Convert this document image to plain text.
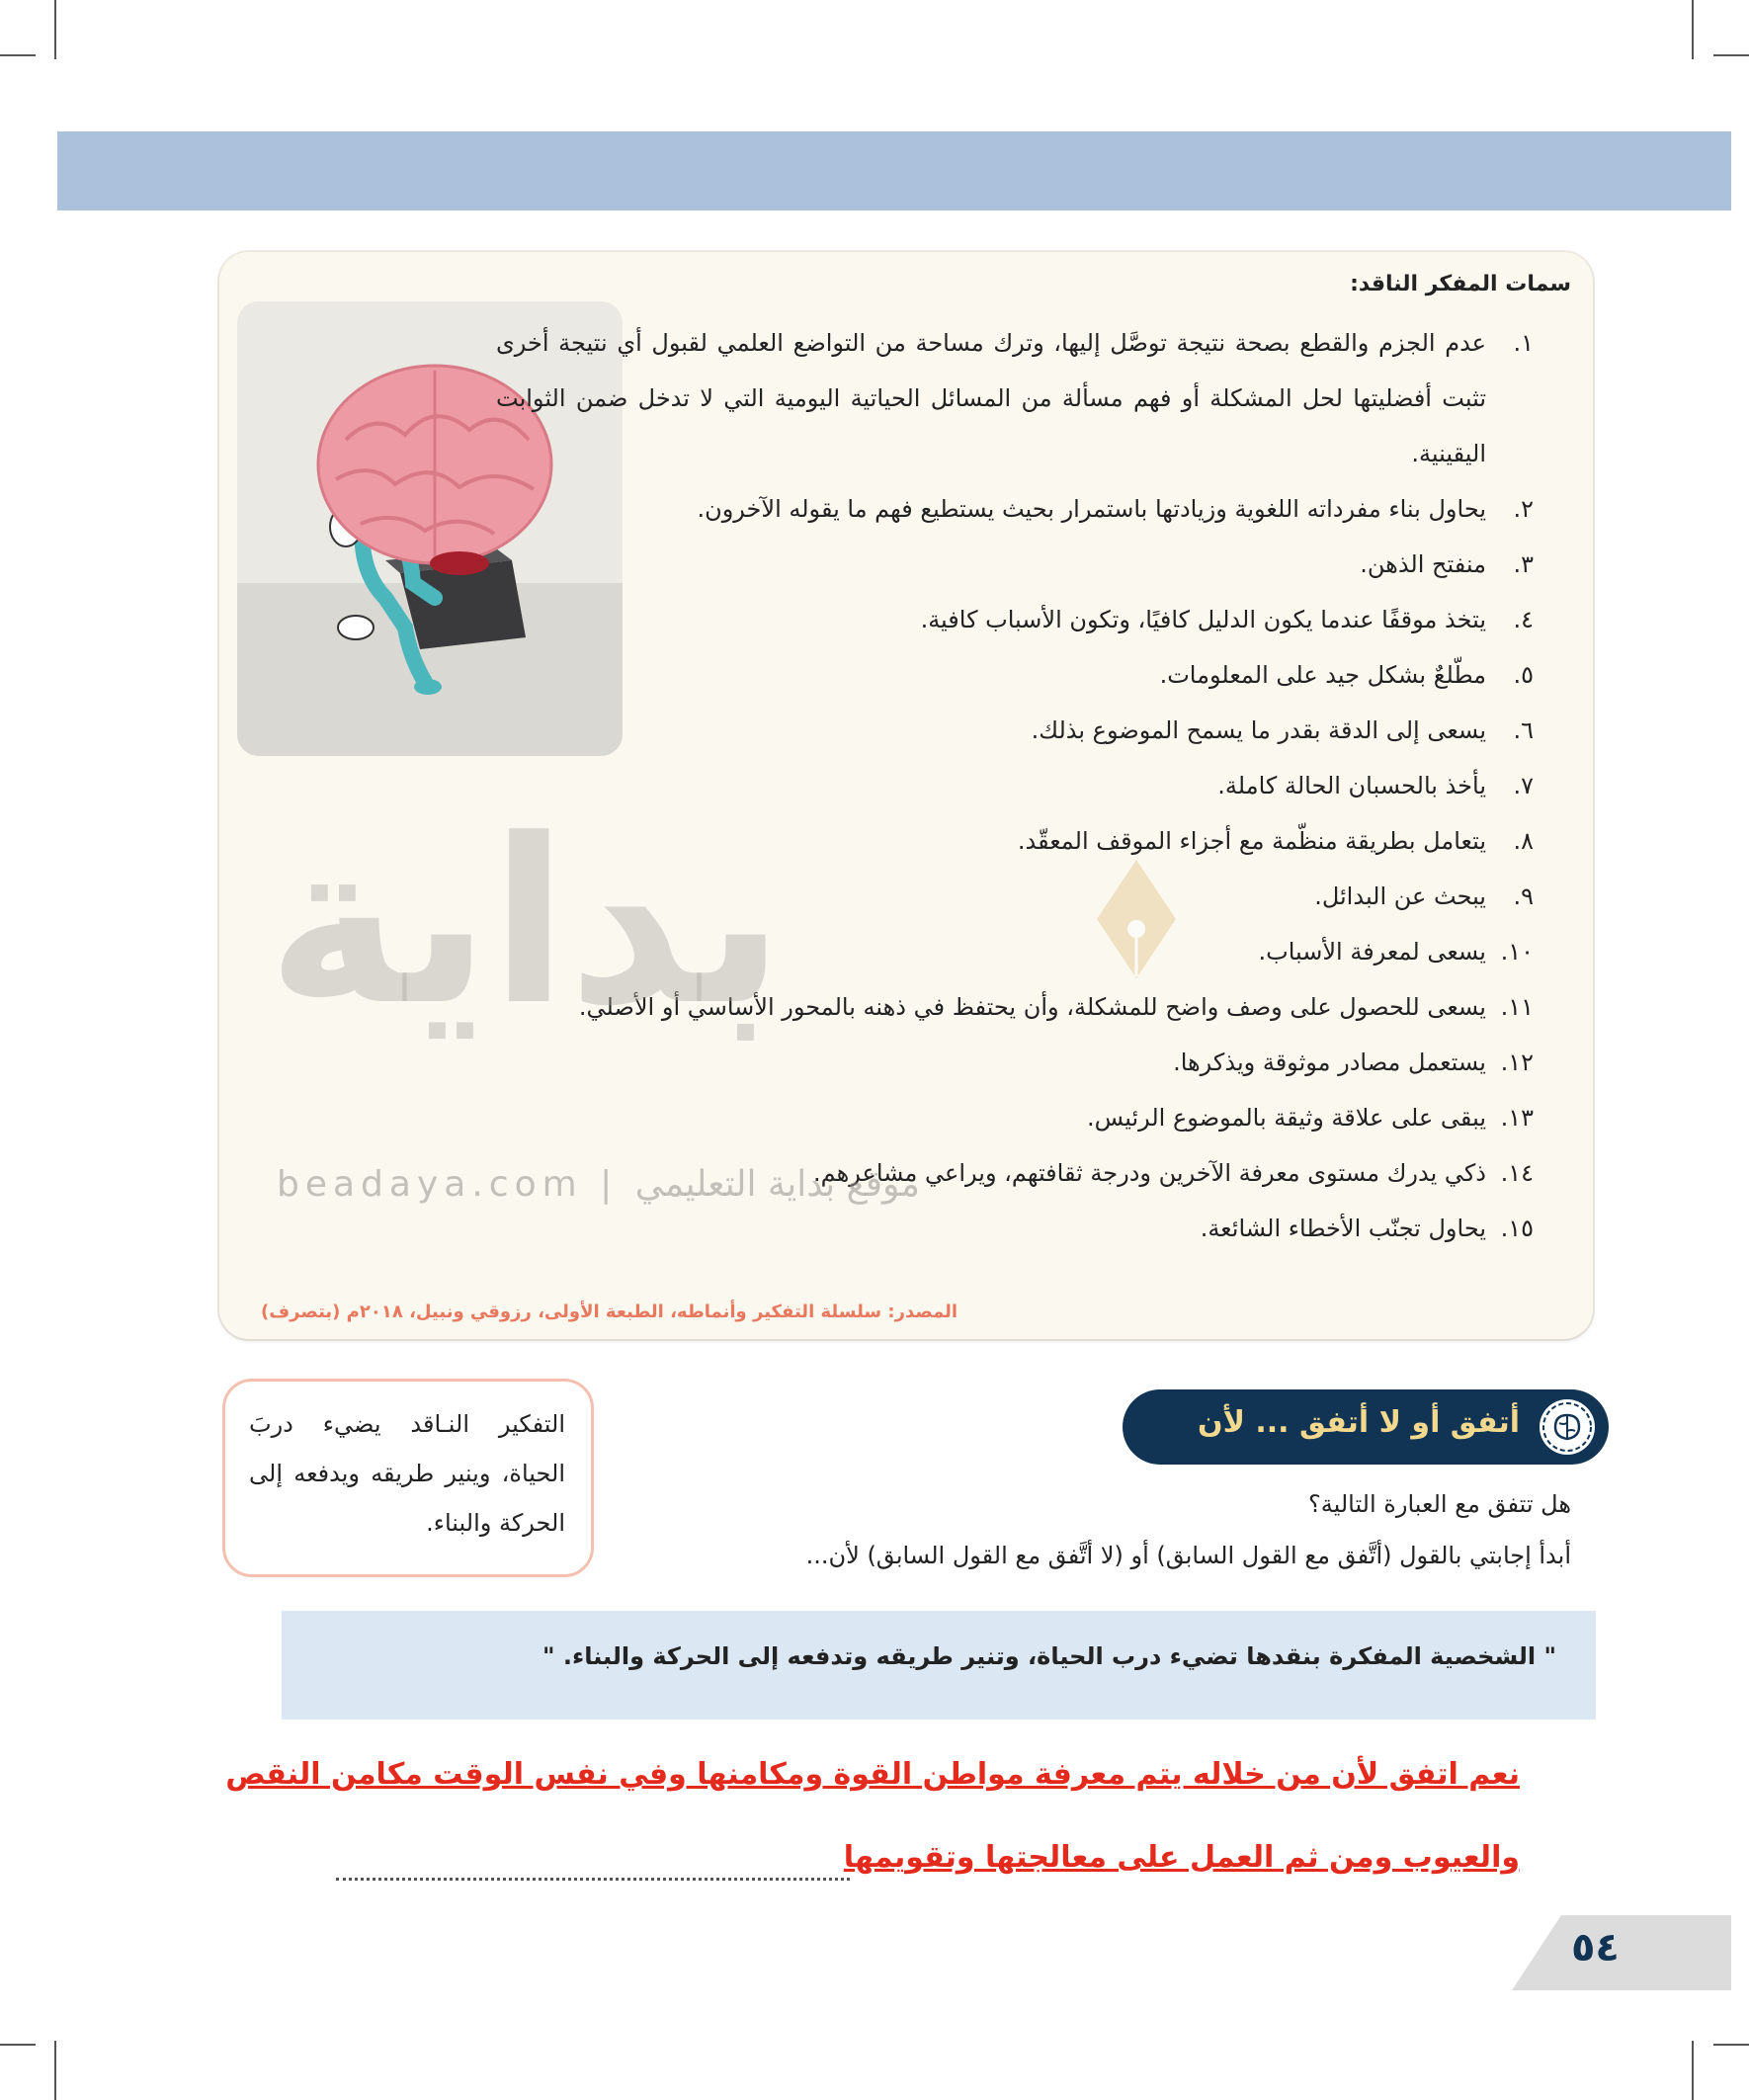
سمات المفكر الناقد:
١.
عدم الجزم والقطع بصحة نتيجة توصَّل إليها، وترك مساحة من التواضع العلمي لقبول أي نتيجة أخرى تثبت أفضليتها لحل المشكلة أو فهم مسألة من المسائل الحياتية اليومية التي لا تدخل ضمن الثوابت اليقينية.
٢.
يحاول بناء مفرداته اللغوية وزيادتها باستمرار بحيث يستطيع فهم ما يقوله الآخرون.
٣.
منفتح الذهن.
٤.
يتخذ موقفًا عندما يكون الدليل كافيًا، وتكون الأسباب كافية.
٥.
مطّلعٌ بشكل جيد على المعلومات.
٦.
يسعى إلى الدقة بقدر ما يسمح الموضوع بذلك.
٧.
يأخذ بالحسبان الحالة كاملة.
٨.
يتعامل بطريقة منظّمة مع أجزاء الموقف المعقّد.
٩.
يبحث عن البدائل.
١٠.
يسعى لمعرفة الأسباب.
١١.
يسعى للحصول على وصف واضح للمشكلة، وأن يحتفظ في ذهنه بالمحور الأساسي أو الأصلي.
١٢.
يستعمل مصادر موثوقة ويذكرها.
١٣.
يبقى على علاقة وثيقة بالموضوع الرئيس.
١٤.
ذكي يدرك مستوى معرفة الآخرين ودرجة ثقافتهم، ويراعي مشاعرهم.
١٥.
يحاول تجنّب الأخطاء الشائعة.
المصدر: سلسلة التفكير وأنماطه، الطبعة الأولى، رزوقي ونبيل، ٢٠١٨م (بتصرف)
بداية
beadaya.com | موقع بداية التعليمي
أتفق أو لا أتفق ... لأن
التفكير النـاقد يضيء دربَ الحياة، وينير طريقه ويدفعه إلى الحركة والبناء.
هل تتفق مع العبارة التالية؟
أبدأ إجابتي بالقول (أتَّفق مع القول السابق) أو (لا أتَّفق مع القول السابق) لأن...
" الشخصية المفكرة بنقدها تضيء درب الحياة، وتنير طريقه وتدفعه إلى الحركة والبناء. "
نعم اتفق لأن من خلاله يتم معرفة مواطن القوة ومكامنها وفي نفس الوقت مكامن النقص
والعيوب ومن ثم العمل على معالجتها وتقويمها
٥٤
